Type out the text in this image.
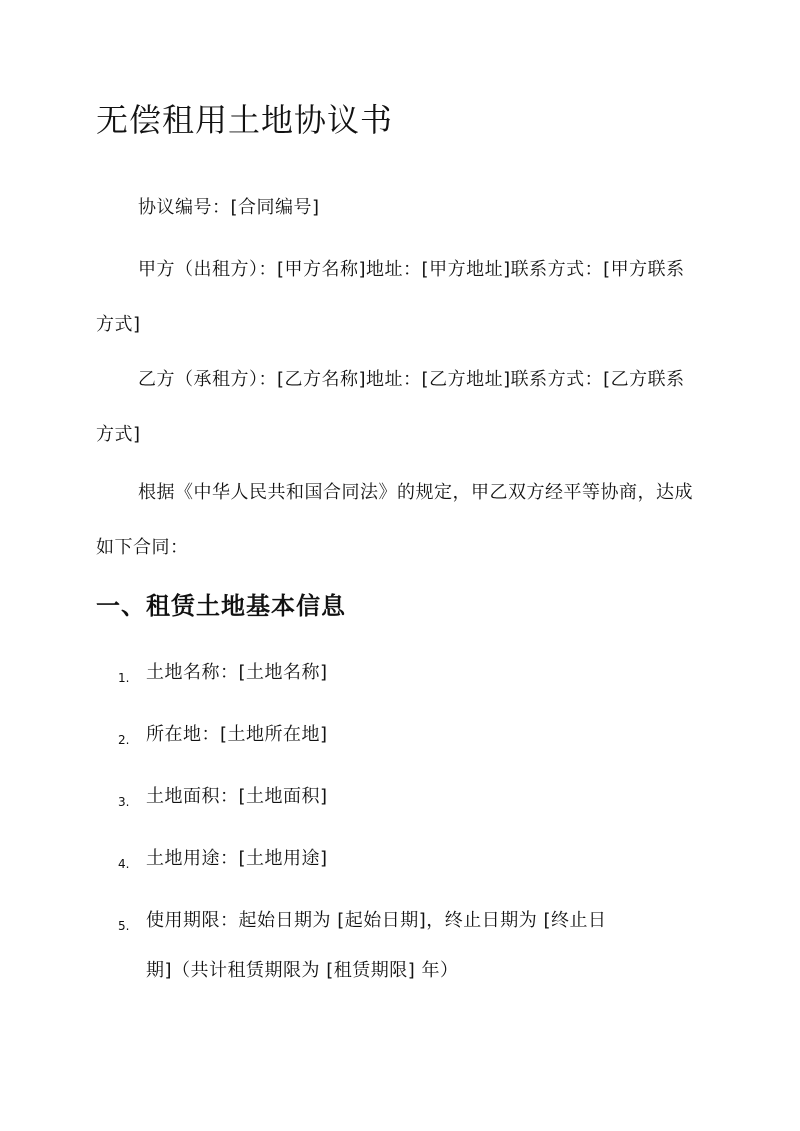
无偿租用土地协议书

协议编号：[合同编号]

甲方（出租方）：[甲方名称]地址：[甲方地址]联系方式：[甲方联系方式]

乙方（承租方）：[乙方名称]地址：[乙方地址]联系方式：[乙方联系方式]

根据《中华人民共和国合同法》的规定，甲乙双方经平等协商，达成如下合同：

一、租赁土地基本信息
1. 土地名称：[土地名称]
2. 所在地：[土地所在地]
3. 土地面积：[土地面积]
4. 土地用途：[土地用途]
5. 使用期限：起始日期为 [起始日期]，终止日期为 [终止日期]（共计租赁期限为 [租赁期限] 年）
